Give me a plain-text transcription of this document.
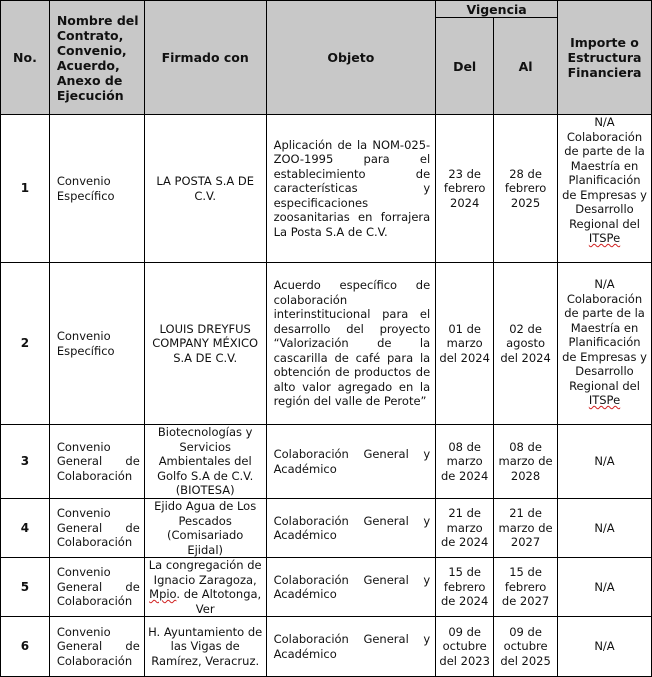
No.	Nombre del Contrato, Convenio, Acuerdo, Anexo de Ejecución	Firmado con	Objeto	Vigencia		Importe o Estructura Financiera
				Del	Al	
1	Convenio Específico	LA POSTA S.A DE C.V.	Aplicación de la NOM-025-ZOO-1995 para el establecimiento de características y especificaciones zoosanitarias en forrajera La Posta S.A de C.V.	23 de febrero 2024	28 de febrero 2025	N/A
Colaboración de parte de la Maestría en Planificación de Empresas y Desarrollo Regional del ITSPe

2	Convenio Específico	LOUIS DREYFUS COMPANY MÉXICO S.A DE C.V.	Acuerdo específico de colaboración interinstitucional para el desarrollo del proyecto “Valorización de la cascarilla de café para la obtención de productos de alto valor agregado en la región del valle de Perote”	01 de marzo del 2024	02 de agosto del 2024	N/A
Colaboración de parte de la Maestría en Planificación de Empresas y Desarrollo Regional del ITSPe

3	Convenio General de Colaboración	Biotecnologías y Servicios Ambientales del Golfo S.A de C.V. (BIOTESA)	Colaboración General y Académico	08 de marzo de 2024	08 de marzo de 2028	N/A
4	Convenio General de Colaboración	Ejido Agua de Los Pescados (Comisariado Ejidal)	Colaboración General y Académico	21 de marzo de 2024	21 de marzo de 2027	N/A
5	Convenio General de Colaboración	La congregación de Ignacio Zaragoza, Mpio. de Altotonga, Ver	Colaboración General y Académico	15 de febrero de 2024	15 de febrero de 2027	N/A
6	Convenio General de Colaboración	H. Ayuntamiento de las Vigas de Ramírez, Veracruz.	Colaboración General y Académico	09 de octubre del 2023	09 de octubre del 2025	N/A
